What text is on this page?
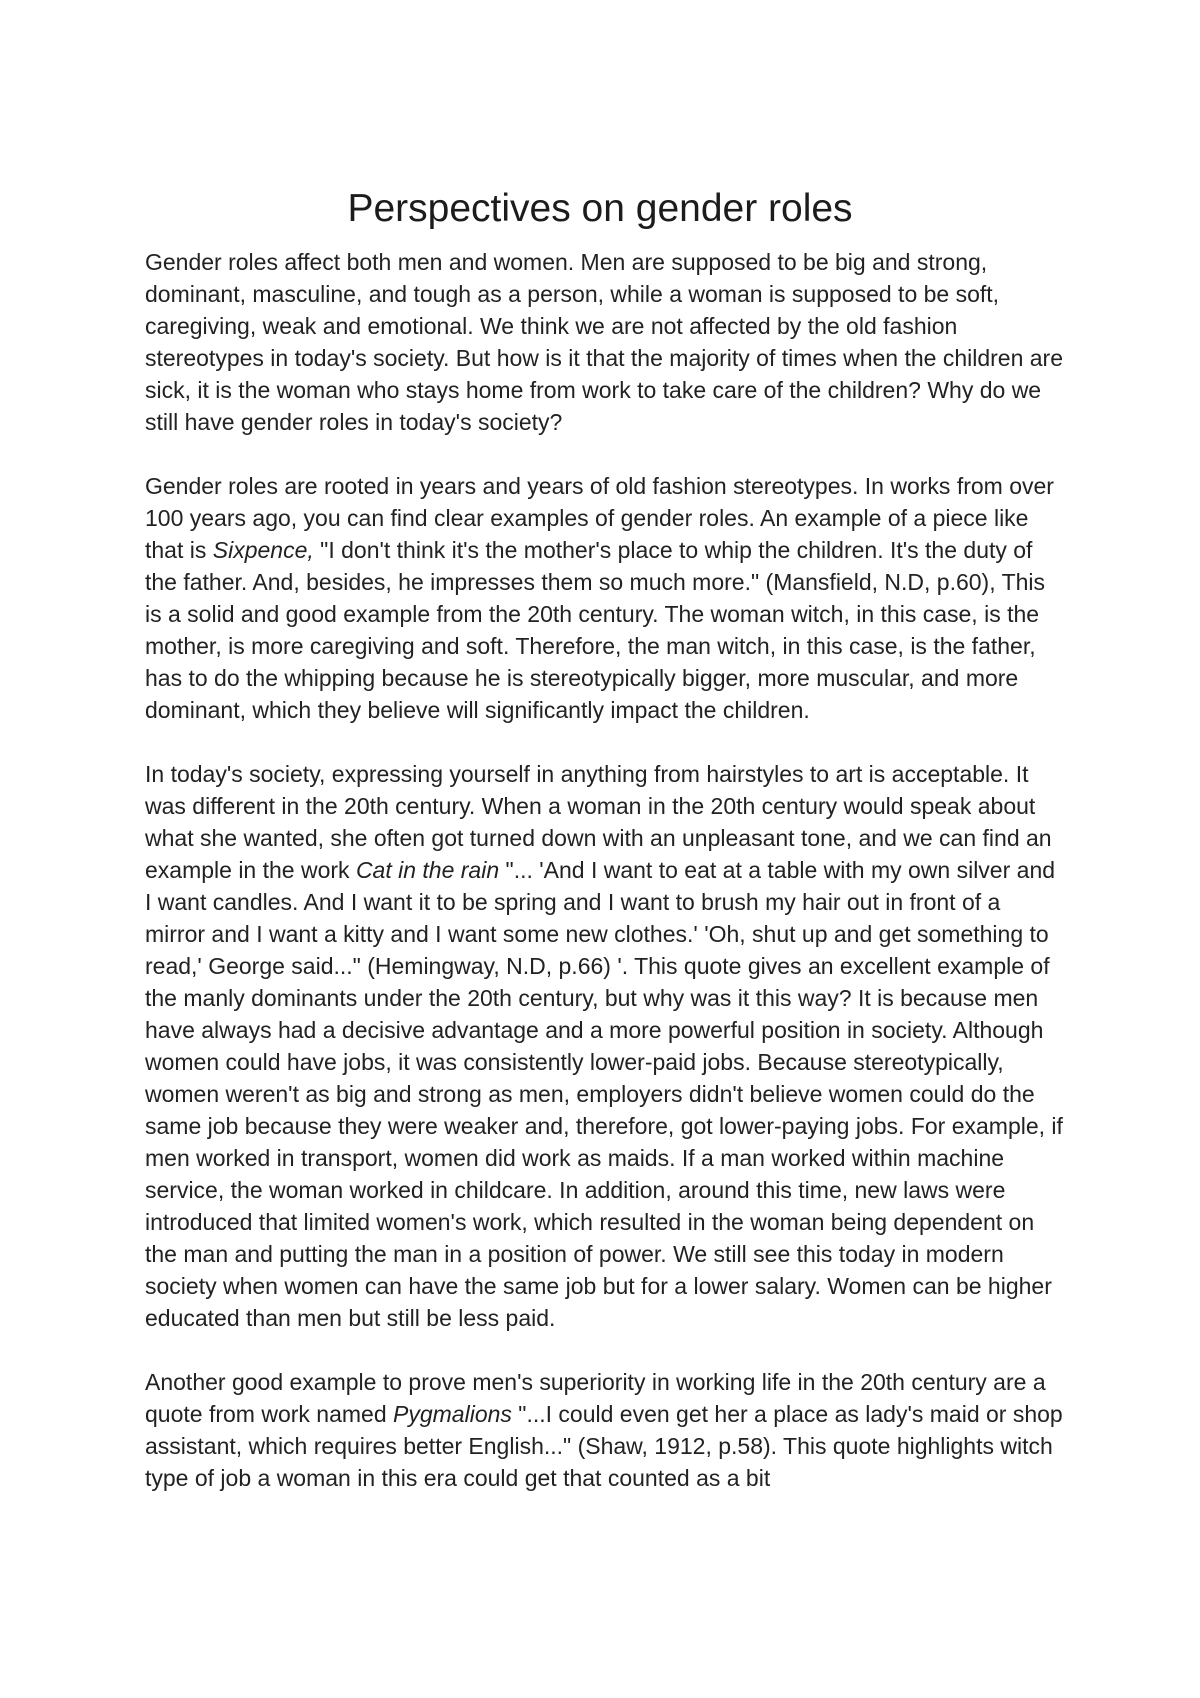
Perspectives on gender roles

Gender roles affect both men and women. Men are supposed to be big and strong, dominant, masculine, and tough as a person, while a woman is supposed to be soft, caregiving, weak and emotional. We think we are not affected by the old fashion stereotypes in today's society. But how is it that the majority of times when the children are sick, it is the woman who stays home from work to take care of the children? Why do we still have gender roles in today's society?

Gender roles are rooted in years and years of old fashion stereotypes. In works from over 100 years ago, you can find clear examples of gender roles. An example of a piece like that is Sixpence, "I don't think it's the mother's place to whip the children. It's the duty of the father. And, besides, he impresses them so much more." (Mansfield, N.D, p.60), This is a solid and good example from the 20th century. The woman witch, in this case, is the mother, is more caregiving and soft. Therefore, the man witch, in this case, is the father, has to do the whipping because he is stereotypically bigger, more muscular, and more dominant, which they believe will significantly impact the children.

In today's society, expressing yourself in anything from hairstyles to art is acceptable. It was different in the 20th century. When a woman in the 20th century would speak about what she wanted, she often got turned down with an unpleasant tone, and we can find an example in the work Cat in the rain "... 'And I want to eat at a table with my own silver and I want candles. And I want it to be spring and I want to brush my hair out in front of a mirror and I want a kitty and I want some new clothes.' 'Oh, shut up and get something to read,' George said..." (Hemingway, N.D, p.66) '. This quote gives an excellent example of the manly dominants under the 20th century, but why was it this way? It is because men have always had a decisive advantage and a more powerful position in society. Although women could have jobs, it was consistently lower-paid jobs. Because stereotypically, women weren't as big and strong as men, employers didn't believe women could do the same job because they were weaker and, therefore, got lower-paying jobs. For example, if men worked in transport, women did work as maids. If a man worked within machine service, the woman worked in childcare. In addition, around this time, new laws were introduced that limited women's work, which resulted in the woman being dependent on the man and putting the man in a position of power. We still see this today in modern society when women can have the same job but for a lower salary. Women can be higher educated than men but still be less paid.

Another good example to prove men's superiority in working life in the 20th century are a quote from work named Pygmalions "...I could even get her a place as lady's maid or shop assistant, which requires better English..." (Shaw, 1912, p.58). This quote highlights witch type of job a woman in this era could get that counted as a bit
